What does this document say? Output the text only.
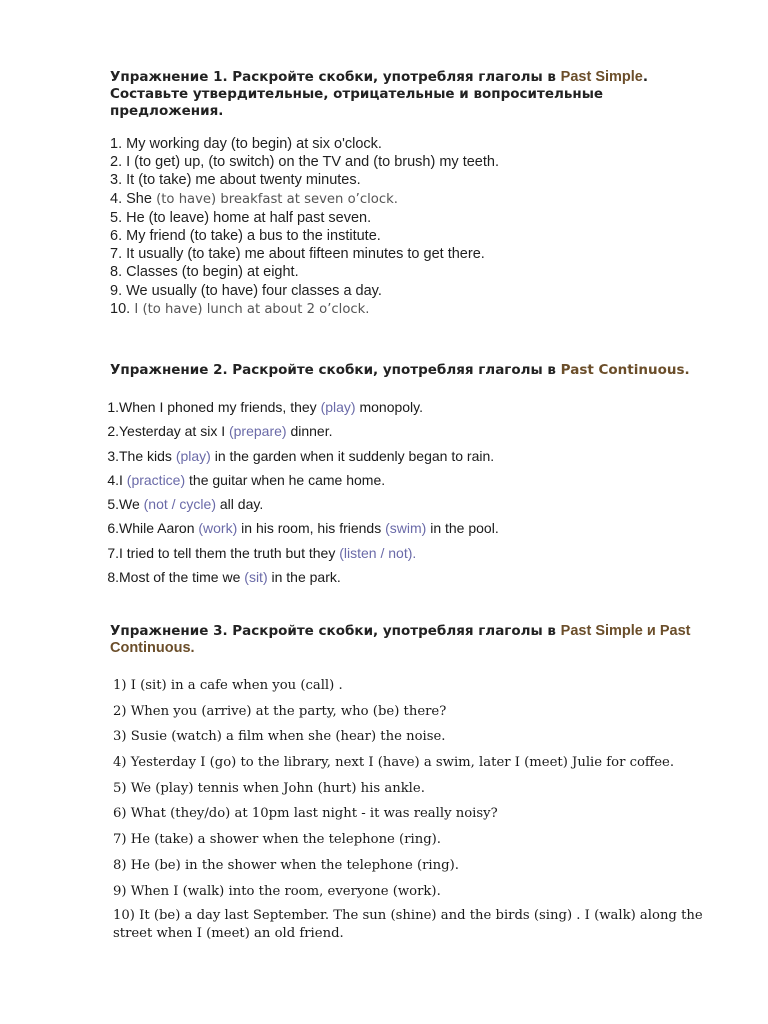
Упражнение 1. Раскройте скобки, употребляя глаголы в Past Simple. Составьте утвердительные, отрицательные и вопросительные предложения.
1. My working day (to begin) at six o'clock.
2. I (to get) up, (to switch) on the TV and (to brush) my teeth.
3. It (to take) me about twenty minutes.
4. She (to have) breakfast at seven o’clock.
5. He (to leave) home at half past seven.
6. My friend (to take) a bus to the institute.
7. It usually (to take) me about fifteen minutes to get there.
8. Classes (to begin) at eight.
9. We usually (to have) four classes a day.
10. I (to have) lunch at about 2 o’clock.
Упражнение 2. Раскройте скобки, употребляя глаголы в Past Continuous.
1.When I phoned my friends, they (play) monopoly.
2.Yesterday at six I (prepare) dinner.
3.The kids (play) in the garden when it suddenly began to rain.
4.I (practice) the guitar when he came home.
5.We (not / cycle) all day.
6.While Aaron (work) in his room, his friends (swim) in the pool.
7.I tried to tell them the truth but they (listen / not).
8.Most of the time we (sit) in the park.
Упражнение 3. Раскройте скобки, употребляя глаголы в Past Simple и Past Continuous.
1) I (sit) in a cafe when you (call) .
2) When you (arrive) at the party, who (be) there?
3) Susie (watch) a film when she (hear) the noise.
4) Yesterday I (go) to the library, next I (have) a swim, later I (meet) Julie for coffee.
5) We (play) tennis when John (hurt) his ankle.
6) What (they/do) at 10pm last night - it was really noisy?
7) He (take) a shower when the telephone (ring).
8) He (be) in the shower when the telephone (ring).
9) When I (walk) into the room, everyone (work).
10) It (be) a day last September. The sun (shine) and the birds (sing) . I (walk) along the street when I (meet) an old friend.
